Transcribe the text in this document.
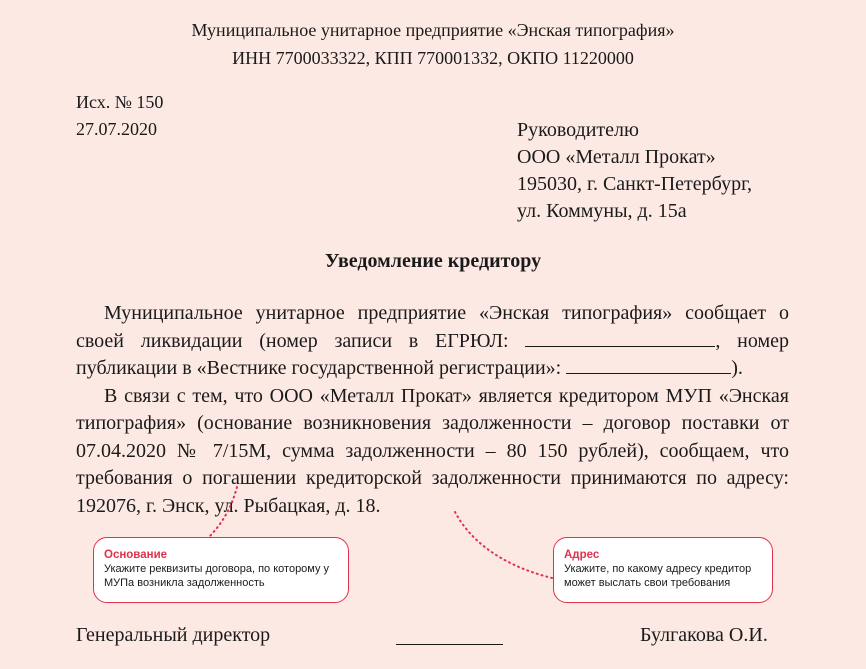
Муниципальное унитарное предприятие «Энская типография»
ИНН 7700033322, КПП 770001332, ОКПО 11220000
Исх. № 150
27.07.2020	Руководителю
ООО «Металл Прокат»
195030, г. Санкт-Петербург,
ул. Коммуны, д. 15а
Уведомление кредитору

Муниципальное унитарное предприятие «Энская типография» сообщает о своей ликвидации (номер записи в ЕГРЮЛ:	, номер публикации в «Вестнике государственной регистрации»:	).

В связи с тем, что ООО «Металл Прокат» является кредитором МУП «Энская типография» (основание возникновения задолженности – договор поставки от 07.04.2020 № 7/15М, сумма задолженности – 80 150 рублей), сообщаем, что требования о погашении кредиторской задолженности принимаются по адресу: 192076, г. Энск, ул. Рыбацкая, д. 18.

Основание
Укажите реквизиты договора, по которому у МУПа возникла задолженность
Адрес
Укажите, по какому адресу кредитор может выслать свои требования
Генеральный директор	Булгакова О.И.
